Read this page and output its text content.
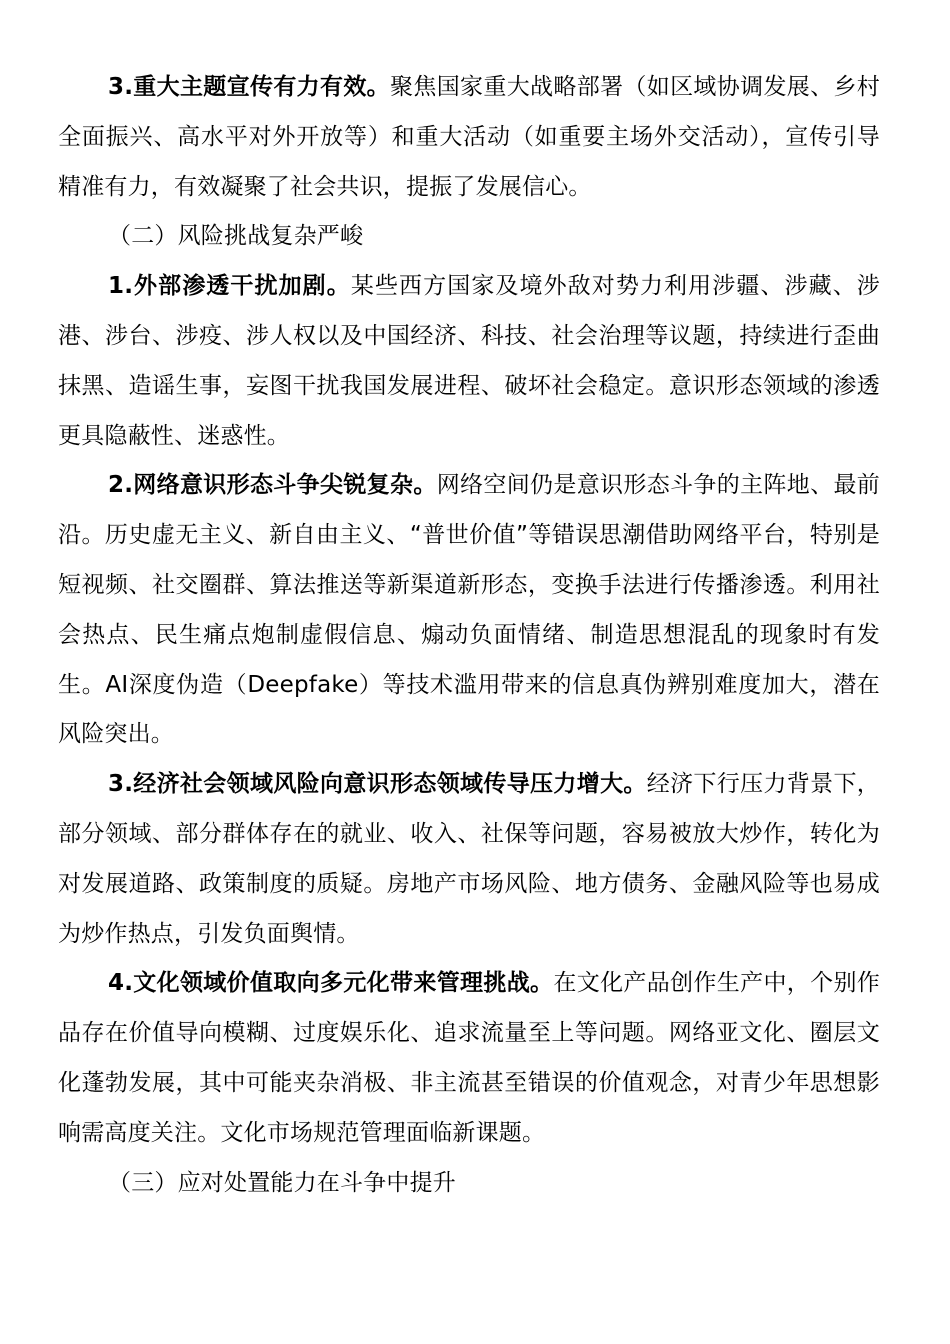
3.重大主题宣传有力有效。聚焦国家重大战略部署（如区域协调发展、乡村全面振兴、高水平对外开放等）和重大活动（如重要主场外交活动），宣传引导精准有力，有效凝聚了社会共识，提振了发展信心。

（二）风险挑战复杂严峻

1.外部渗透干扰加剧。某些西方国家及境外敌对势力利用涉疆、涉藏、涉港、涉台、涉疫、涉人权以及中国经济、科技、社会治理等议题，持续进行歪曲抹黑、造谣生事，妄图干扰我国发展进程、破坏社会稳定。意识形态领域的渗透更具隐蔽性、迷惑性。

2.网络意识形态斗争尖锐复杂。网络空间仍是意识形态斗争的主阵地、最前沿。历史虚无主义、新自由主义、“普世价值”等错误思潮借助网络平台，特别是短视频、社交圈群、算法推送等新渠道新形态，变换手法进行传播渗透。利用社会热点、民生痛点炮制虚假信息、煽动负面情绪、制造思想混乱的现象时有发生。AI深度伪造（Deepfake）等技术滥用带来的信息真伪辨别难度加大，潜在风险突出。

3.经济社会领域风险向意识形态领域传导压力增大。经济下行压力背景下，部分领域、部分群体存在的就业、收入、社保等问题，容易被放大炒作，转化为对发展道路、政策制度的质疑。房地产市场风险、地方债务、金融风险等也易成为炒作热点，引发负面舆情。

4.文化领域价值取向多元化带来管理挑战。在文化产品创作生产中，个别作品存在价值导向模糊、过度娱乐化、追求流量至上等问题。网络亚文化、圈层文化蓬勃发展，其中可能夹杂消极、非主流甚至错误的价值观念，对青少年思想影响需高度关注。文化市场规范管理面临新课题。

（三）应对处置能力在斗争中提升
